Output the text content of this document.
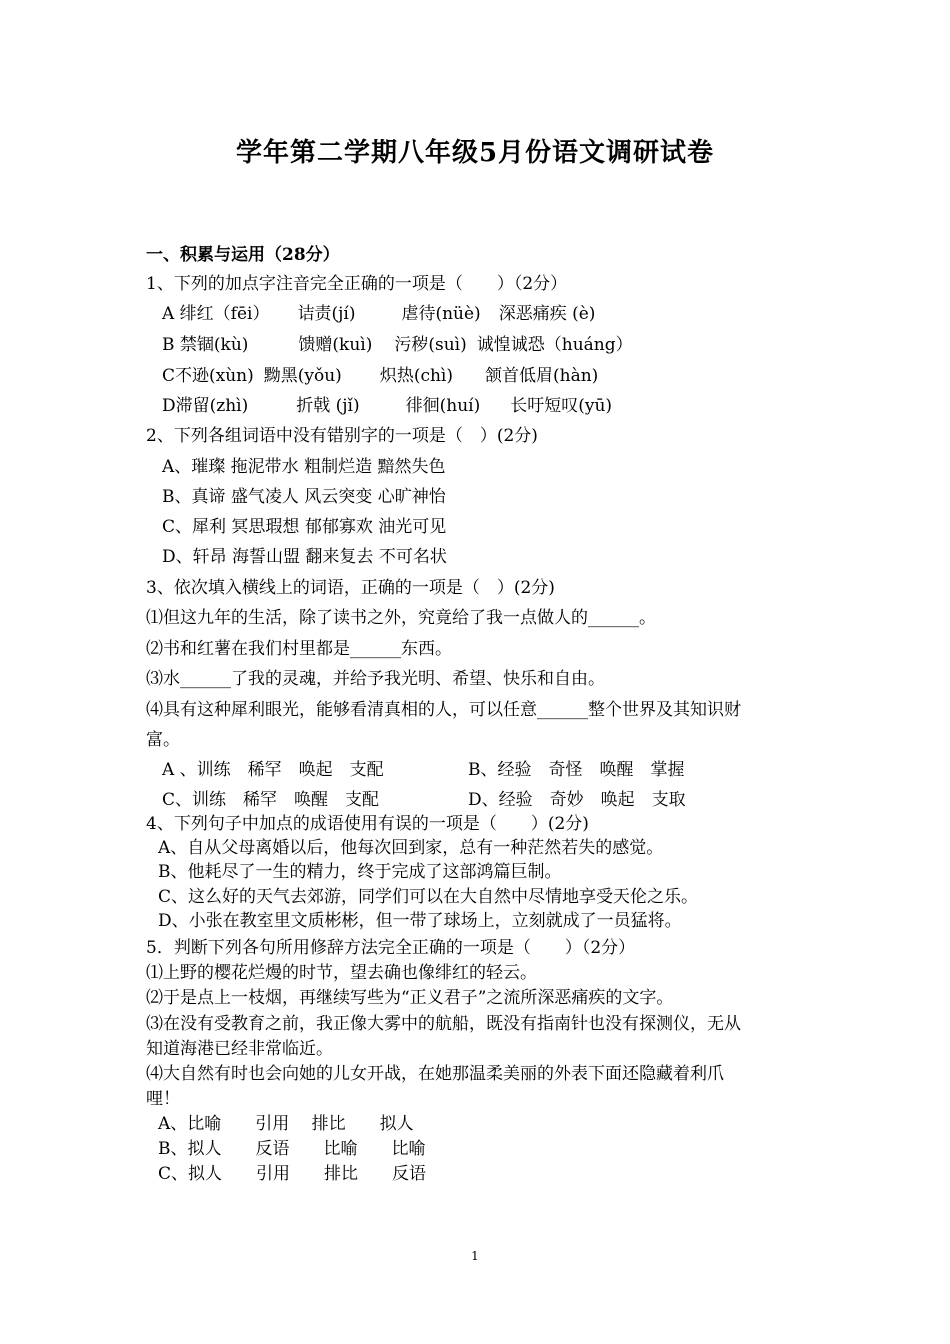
学年第二学期八年级5月份语文调研试卷
一、积累与运用（28分）
1、下列的加点字注音完全正确的一项是（　　）（2分）
A 绯红（fēi） 诘责(jí)	虐待(nüè) 深恶痛疾 (è)
B 禁锢(kù)	馈赠(kuì) 污秽(suì) 诚惶诚恐（huáng）
C不逊(xùn) 黝黑(yǒu) 炽热(chì) 颔首低眉(hàn)
D滞留(zhì)	折戟 (jǐ)	徘徊(huí) 长吁短叹(yū)
2、下列各组词语中没有错别字的一项是（　）(2分)
A、璀璨 拖泥带水 粗制烂造 黯然失色
B、真谛 盛气凌人 风云突变 心旷神怡
C、犀利 冥思瑕想 郁郁寡欢 油光可见
D、轩昂 海誓山盟 翻来复去 不可名状
3、依次填入横线上的词语，正确的一项是（　）(2分)
⑴但这九年的生活，除了读书之外，究竟给了我一点做人的______。
⑵书和红薯在我们村里都是______东西。
⑶水______了我的灵魂，并给予我光明、希望、快乐和自由。
⑷具有这种犀利眼光，能够看清真相的人，可以任意______整个世界及其知识财
富。
A 、训练　稀罕　唤起　支配	B、经验　奇怪　唤醒　掌握
C、训练　稀罕　唤醒　支配	D、经验　奇妙　唤起　支取
4、下列句子中加点的成语使用有误的一项是（　　）(2分)
A、自从父母离婚以后，他每次回到家，总有一种茫然若失的感觉。
B、他耗尽了一生的精力，终于完成了这部鸿篇巨制。
C、这么好的天气去郊游，同学们可以在大自然中尽情地享受天伦之乐。
D、小张在教室里文质彬彬，但一带了球场上，立刻就成了一员猛将。
5．判断下列各句所用修辞方法完全正确的一项是（　　）（2分）
⑴上野的樱花烂熳的时节，望去确也像绯红的轻云。
⑵于是点上一枝烟，再继续写些为“正义君子”之流所深恶痛疾的文字。
⑶在没有受教育之前，我正像大雾中的航船，既没有指南针也没有探测仪，无从
知道海港已经非常临近。
⑷大自然有时也会向她的儿女开战，在她那温柔美丽的外表下面还隐藏着利爪
哩！
A、比喻　　引用　 排比　　拟人
B、拟人　　反语　　比喻　　比喻
C、拟人　　引用　　排比　　反语
1
